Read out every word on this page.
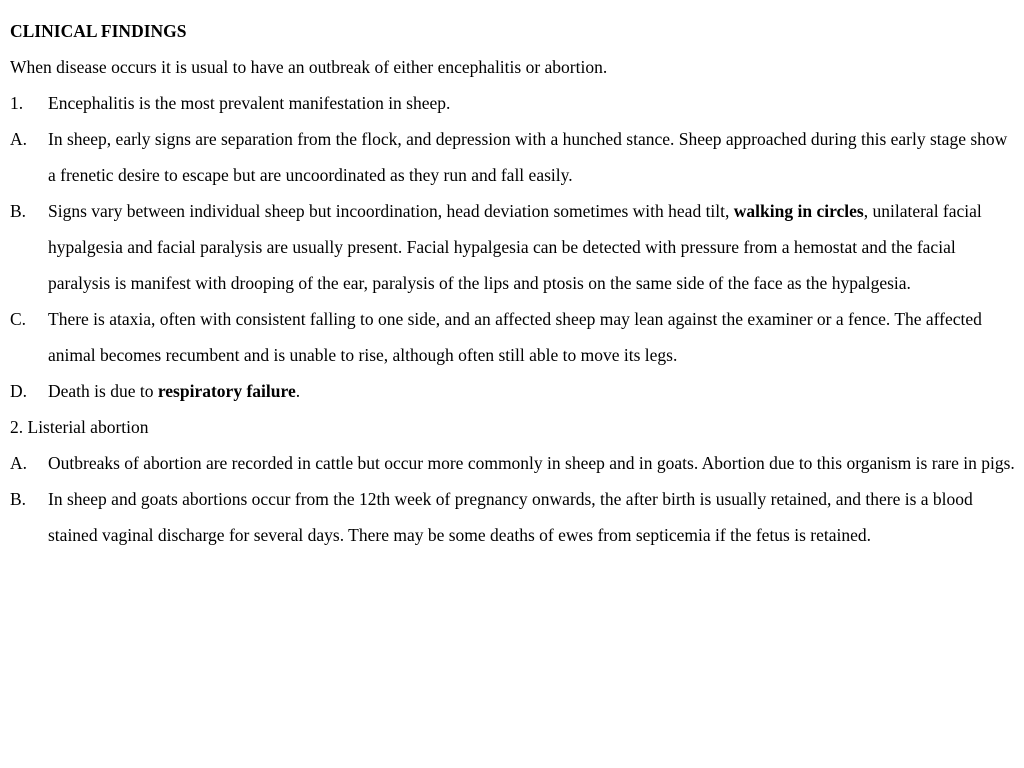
CLINICAL FINDINGS
When disease occurs it is usual to have an outbreak of either encephalitis or abortion.
1.	Encephalitis is the most prevalent manifestation in sheep.
A.	In sheep, early signs are separation from the flock, and depression with a hunched stance. Sheep approached during this early stage show a frenetic desire to escape but are uncoordinated as they run and fall easily.
B.	Signs vary between individual sheep but incoordination, head deviation sometimes with head tilt, walking in circles, unilateral facial hypalgesia and facial paralysis are usually present. Facial hypalgesia can be detected with pressure from a hemostat and the facial paralysis is manifest with drooping of the ear, paralysis of the lips and ptosis on the same side of the face as the hypalgesia.
C.	There is ataxia, often with consistent falling to one side, and an affected sheep may lean against the examiner or a fence. The affected animal becomes recumbent and is unable to rise, although often still able to move its legs.
D.	Death is due to respiratory failure.
2. Listerial abortion
A.	Outbreaks of abortion are recorded in cattle but occur more commonly in sheep and in goats. Abortion due to this organism is rare in pigs.
B.	In sheep and goats abortions occur from the 12th week of pregnancy onwards, the after birth is usually retained, and there is a blood stained vaginal discharge for several days. There may be some deaths of ewes from septicemia if the fetus is retained.
